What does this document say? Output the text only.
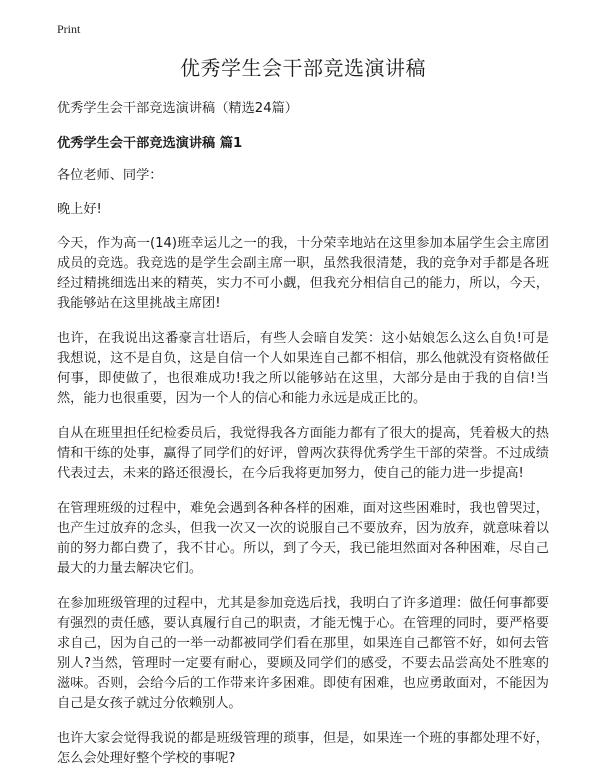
Print
优秀学生会干部竞选演讲稿

优秀学生会干部竞选演讲稿（精选24篇）

优秀学生会干部竞选演讲稿 篇1

各位老师、同学：

晚上好!

今天，作为高一(14)班幸运儿之一的我，十分荣幸地站在这里参加本届学生会主席团成员的竞选。我竞选的是学生会副主席一职，虽然我很清楚，我的竞争对手都是各班经过精挑细选出来的精英，实力不可小觑，但我充分相信自己的能力，所以，今天，我能够站在这里挑战主席团!

也许，在我说出这番豪言壮语后，有些人会暗自发笑：这小姑娘怎么这么自负!可是我想说，这不是自负，这是自信一个人如果连自己都不相信，那么他就没有资格做任何事，即使做了，也很难成功!我之所以能够站在这里，大部分是由于我的自信!当然，能力也很重要，因为一个人的信心和能力永远是成正比的。

自从在班里担任纪检委员后，我觉得我各方面能力都有了很大的提高，凭着极大的热情和干练的处事，赢得了同学们的好评，曾两次获得优秀学生干部的荣誉。不过成绩代表过去，未来的路还很漫长，在今后我将更加努力，使自己的能力进一步提高!

在管理班级的过程中，难免会遇到各种各样的困难，面对这些困难时，我也曾哭过，也产生过放弃的念头，但我一次又一次的说服自己不要放弃，因为放弃，就意味着以前的努力都白费了，我不甘心。所以，到了今天，我已能坦然面对各种困难，尽自己最大的力量去解决它们。

在参加班级管理的过程中，尤其是参加竞选后找，我明白了许多道理：做任何事都要有强烈的责任感，要认真履行自己的职责，才能无愧于心。在管理的同时，要严格要求自己，因为自己的一举一动都被同学们看在那里，如果连自己都管不好，如何去管别人?当然，管理时一定要有耐心，要顾及同学们的感受，不要去品尝高处不胜寒的滋味。否则，会给今后的工作带来许多困难。即使有困难，也应勇敢面对，不能因为自己是女孩子就过分依赖别人。

也许大家会觉得我说的都是班级管理的琐事，但是，如果连一个班的事都处理不好，怎么会处理好整个学校的事呢?
